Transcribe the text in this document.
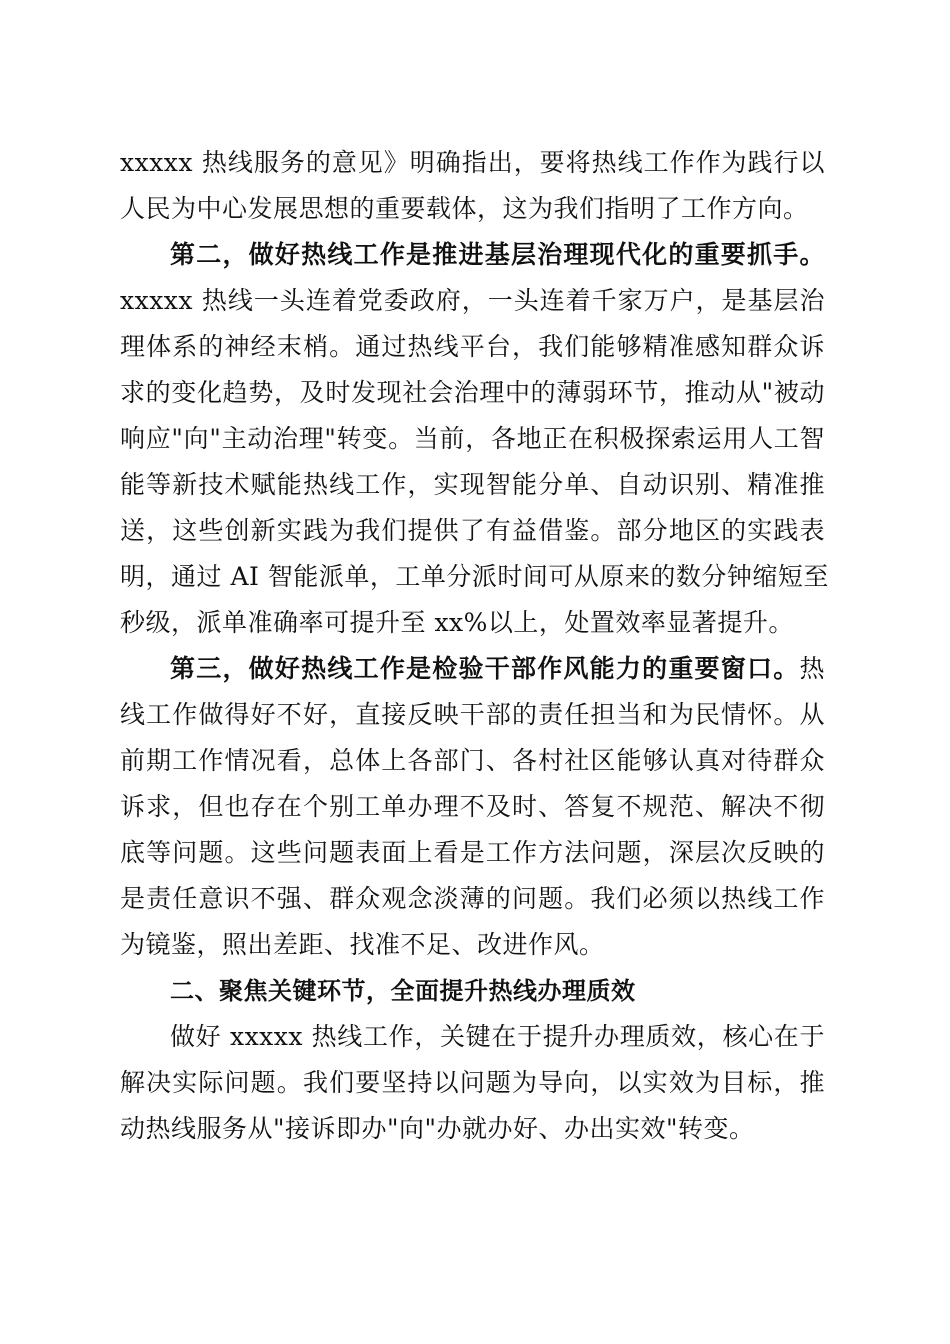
xxxxx 热线服务的意见》明确指出，要将热线工作作为践行以
人民为中心发展思想的重要载体，这为我们指明了工作方向。
第二，做好热线工作是推进基层治理现代化的重要抓手。
xxxxx 热线一头连着党委政府，一头连着千家万户，是基层治
理体系的神经末梢。通过热线平台，我们能够精准感知群众诉
求的变化趋势，及时发现社会治理中的薄弱环节，推动从"被动
响应"向"主动治理"转变。当前，各地正在积极探索运用人工智
能等新技术赋能热线工作，实现智能分单、自动识别、精准推
送，这些创新实践为我们提供了有益借鉴。部分地区的实践表
明，通过 AI 智能派单，工单分派时间可从原来的数分钟缩短至
秒级，派单准确率可提升至 xx%以上，处置效率显著提升。
第三，做好热线工作是检验干部作风能力的重要窗口。热
线工作做得好不好，直接反映干部的责任担当和为民情怀。从
前期工作情况看，总体上各部门、各村社区能够认真对待群众
诉求，但也存在个别工单办理不及时、答复不规范、解决不彻
底等问题。这些问题表面上看是工作方法问题，深层次反映的
是责任意识不强、群众观念淡薄的问题。我们必须以热线工作
为镜鉴，照出差距、找准不足、改进作风。
二、聚焦关键环节，全面提升热线办理质效
做好 xxxxx 热线工作，关键在于提升办理质效，核心在于
解决实际问题。我们要坚持以问题为导向，以实效为目标，推
动热线服务从"接诉即办"向"办就办好、办出实效"转变。
